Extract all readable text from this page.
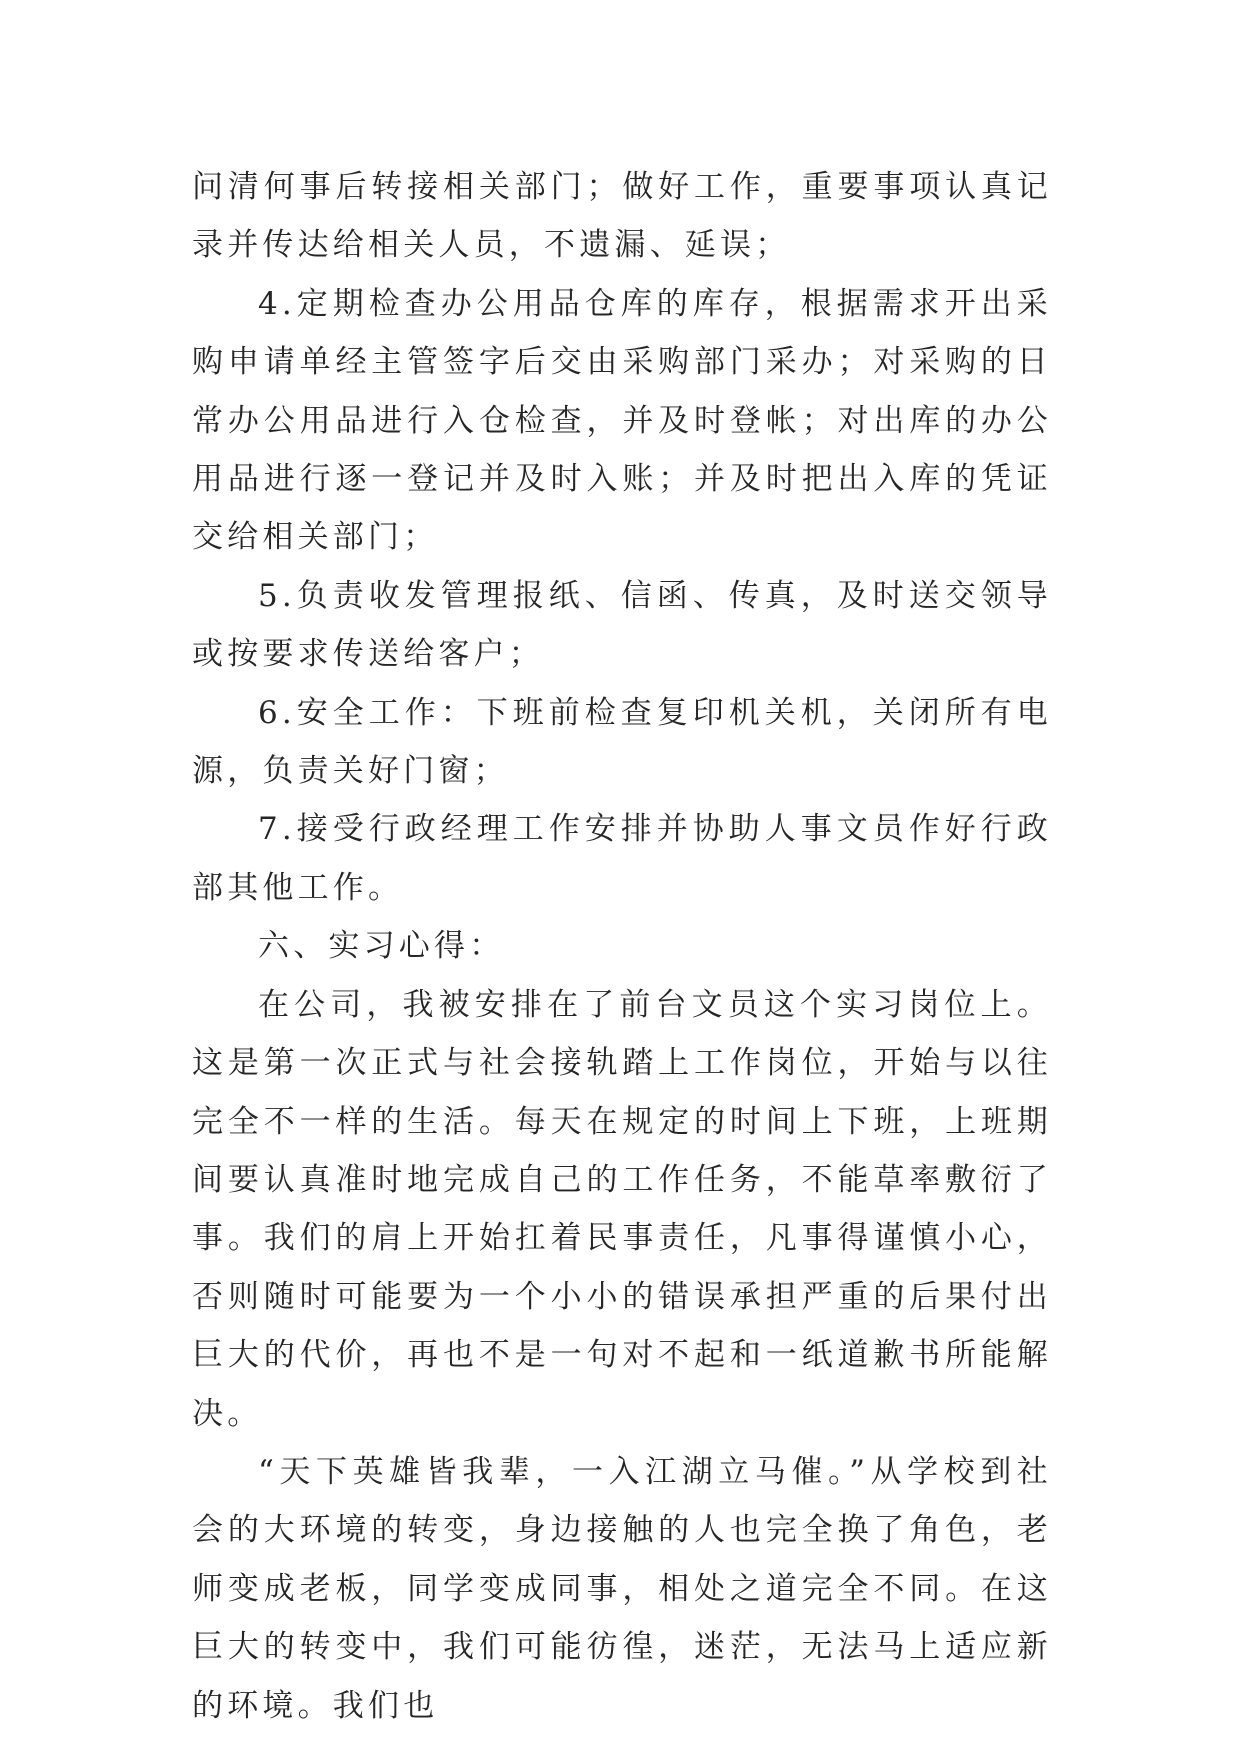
问清何事后转接相关部门；做好工作，重要事项认真记录并传达给相关人员，不遗漏、延误；

4.定期检查办公用品仓库的库存，根据需求开出采购申请单经主管签字后交由采购部门采办；对采购的日常办公用品进行入仓检查，并及时登帐；对出库的办公用品进行逐一登记并及时入账；并及时把出入库的凭证交给相关部门；

5.负责收发管理报纸、信函、传真，及时送交领导或按要求传送给客户；

6.安全工作：下班前检查复印机关机，关闭所有电源，负责关好门窗；

7.接受行政经理工作安排并协助人事文员作好行政部其他工作。

六、实习心得：

在公司，我被安排在了前台文员这个实习岗位上。这是第一次正式与社会接轨踏上工作岗位，开始与以往完全不一样的生活。每天在规定的时间上下班，上班期间要认真准时地完成自己的工作任务，不能草率敷衍了事。我们的肩上开始扛着民事责任，凡事得谨慎小心，否则随时可能要为一个小小的错误承担严重的后果付出巨大的代价，再也不是一句对不起和一纸道歉书所能解决。

“天下英雄皆我辈，一入江湖立马催。”从学校到社会的大环境的转变，身边接触的人也完全换了角色，老师变成老板，同学变成同事，相处之道完全不同。在这巨大的转变中，我们可能彷徨，迷茫，无法马上适应新的环境。我们也
